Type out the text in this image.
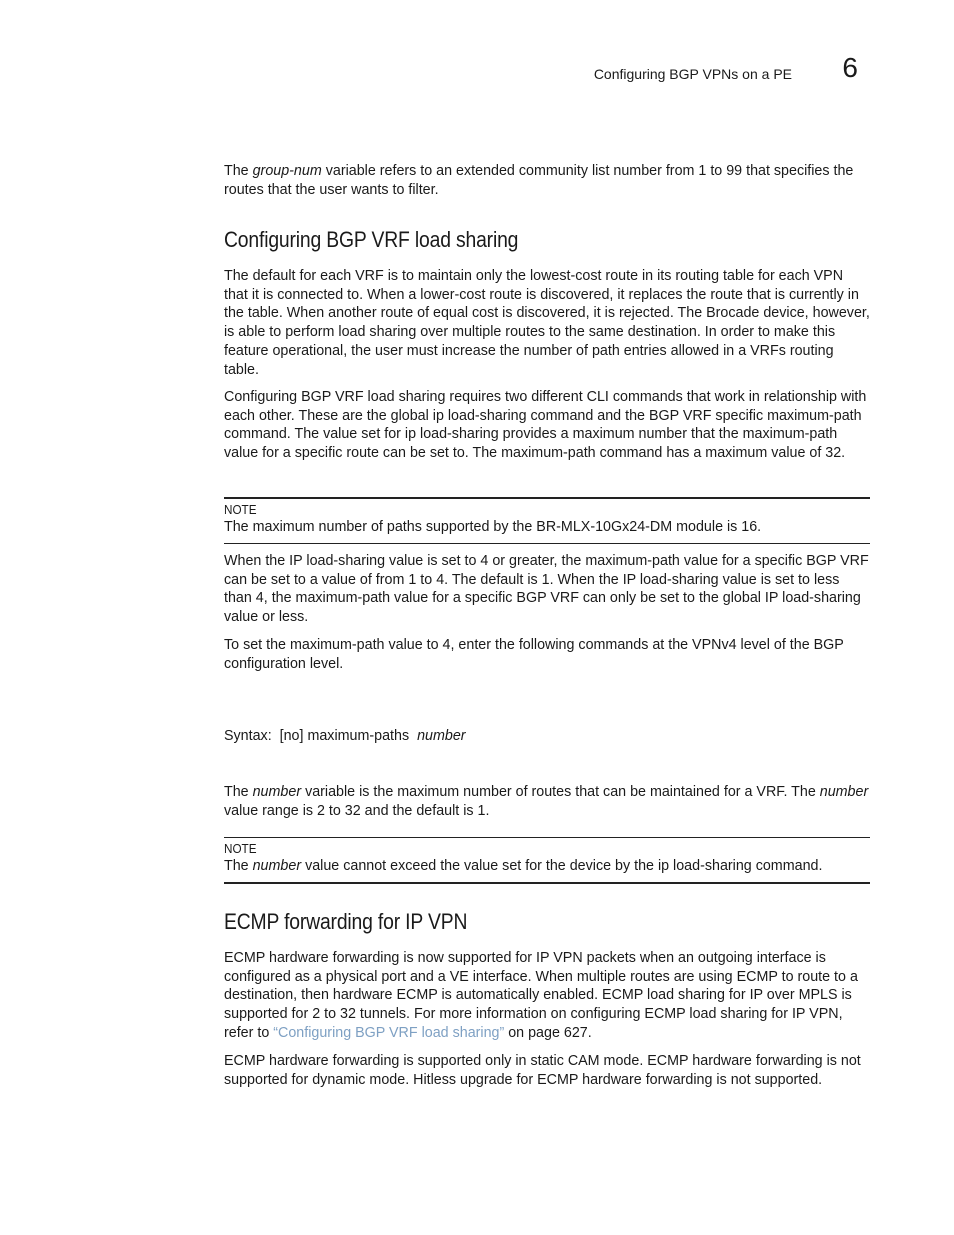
Configuring BGP VPNs on a PE 6

The group-num variable refers to an extended community list number from 1 to 99 that specifies the routes that the user wants to filter.

Configuring BGP VRF load sharing

The default for each VRF is to maintain only the lowest-cost route in its routing table for each VPN that it is connected to. When a lower-cost route is discovered, it replaces the route that is currently in the table. When another route of equal cost is discovered, it is rejected. The Brocade device, however, is able to perform load sharing over multiple routes to the same destination. In order to make this feature operational, the user must increase the number of path entries allowed in a VRFs routing table.

Configuring BGP VRF load sharing requires two different CLI commands that work in relationship with each other. These are the global ip load-sharing command and the BGP VRF specific maximum-path command. The value set for ip load-sharing provides a maximum number that the maximum-path value for a specific route can be set to. The maximum-path command has a maximum value of 32.

NOTE
The maximum number of paths supported by the BR-MLX-10Gx24-DM module is 16.

When the IP load-sharing value is set to 4 or greater, the maximum-path value for a specific BGP VRF can be set to a value of from 1 to 4. The default is 1. When the IP load-sharing value is set to less than 4, the maximum-path value for a specific BGP VRF can only be set to the global IP load-sharing value or less.

To set the maximum-path value to 4, enter the following commands at the VPNv4 level of the BGP configuration level.

Syntax:  [no] maximum-paths  number

The number variable is the maximum number of routes that can be maintained for a VRF. The number value range is 2 to 32 and the default is 1.

NOTE
The number value cannot exceed the value set for the device by the ip load-sharing command.
ECMP forwarding for IP VPN

ECMP hardware forwarding is now supported for IP VPN packets when an outgoing interface is configured as a physical port and a VE interface. When multiple routes are using ECMP to route to a destination, then hardware ECMP is automatically enabled. ECMP load sharing for IP over MPLS is supported for 2 to 32 tunnels. For more information on configuring ECMP load sharing for IP VPN, refer to “Configuring BGP VRF load sharing” on page 627.

ECMP hardware forwarding is supported only in static CAM mode. ECMP hardware forwarding is not supported for dynamic mode. Hitless upgrade for ECMP hardware forwarding is not supported.
